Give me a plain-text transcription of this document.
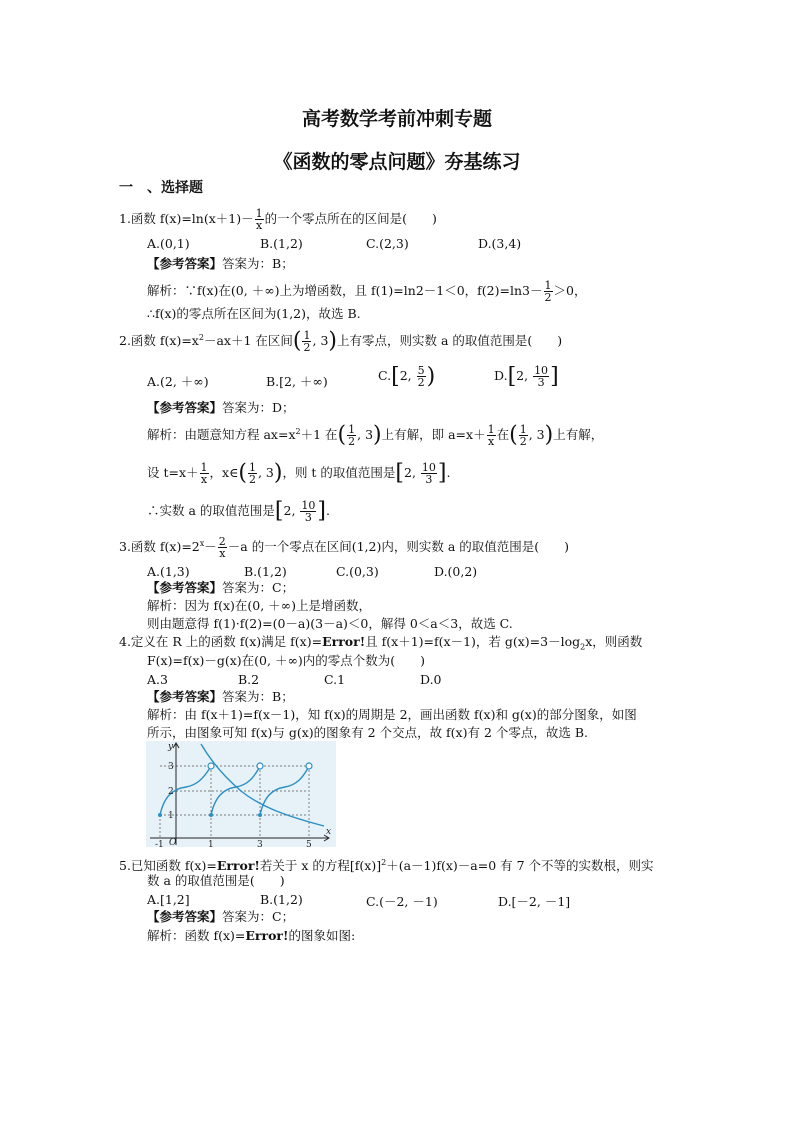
高考数学考前冲刺专题
《函数的零点问题》夯基练习
一　、选择题
1.函数 $f(x)=\ln(x+1)- \frac{1}{x}$ 的一个零点所在的区间是(　　)
A.(0,1)	B.(1,2)	C.(2,3)	D.(3,4)
【参考答案】答案为：B；
解析：∵f(x)在(0, ＋∞)上为增函数，且 f(1)=ln2－1＜0，$f(2)=\ln 3- \frac{1}{2} >0$，
∴f(x)的零点所在区间为(1,2)，故选 B.
2.函数 $f(x)=x^2-ax+1$ 在区间( $\frac{1}{2}$ , 3)上有零点，则实数 a 的取值范围是(　　)
A.(2, ＋∞)	B.[2, ＋∞)	C.[2, $\frac{5}{2}$ )	D.[2, $\frac{10}{3}$ ]
【参考答案】答案为：D；
解析：由题意知方程 $ax=x^2+1$ 在( $\frac{1}{2}$ , 3)上有解，即 $a=x+ \frac{1}{x}$ 在( $\frac{1}{2}$ , 3)上有解，
设 $t=x+ \frac{1}{x}$ ，x∈( $\frac{1}{2}$ , 3)，则 t 的取值范围是[2, $\frac{10}{3}$ ].
∴实数 a 的取值范围是[2, $\frac{10}{3}$ ].
3.函数 $f(x)=2^x- \frac{2}{x} -a$ 的一个零点在区间(1,2)内，则实数 a 的取值范围是(　　)
A.(1,3)	B.(1,2)	C.(0,3)	D.(0,2)
【参考答案】答案为：C；
解析：因为 f(x)在(0, ＋∞)上是增函数，
则由题意得 f(1)·f(2)=(0－a)(3－a)＜0，解得 0＜a＜3，故选 C.
4.定义在 R 上的函数 f(x)满足 f(x)=Error!且 f(x＋1)=f(x－1)，若 $g(x)=3-\log_2x$，则函数
F(x)=f(x)－g(x)在(0, ＋∞)内的零点个数为(　　)
A.3	B.2	C.1	D.0
【参考答案】答案为：B；
解析：由 f(x＋1)=f(x－1)，知 f(x)的周期是 2，画出函数 f(x)和 g(x)的部分图象，如图
所示，由图象可知 f(x)与 g(x)的图象有 2 个交点，故 f(x)有 2 个零点，故选 B.
y
x
O
3
2
1
-1	1	3	5
5.已知函数 f(x)=Error!若关于 x 的方程$[f(x)]^2+(a-1)f(x)-a=0$ 有 7 个不等的实数根，则实
数 a 的取值范围是(　　)
A.[1,2]	B.(1,2)	C.(－2, －1)	D.[－2, －1]
【参考答案】答案为：C；
解析：函数 f(x)=Error!的图象如图:
